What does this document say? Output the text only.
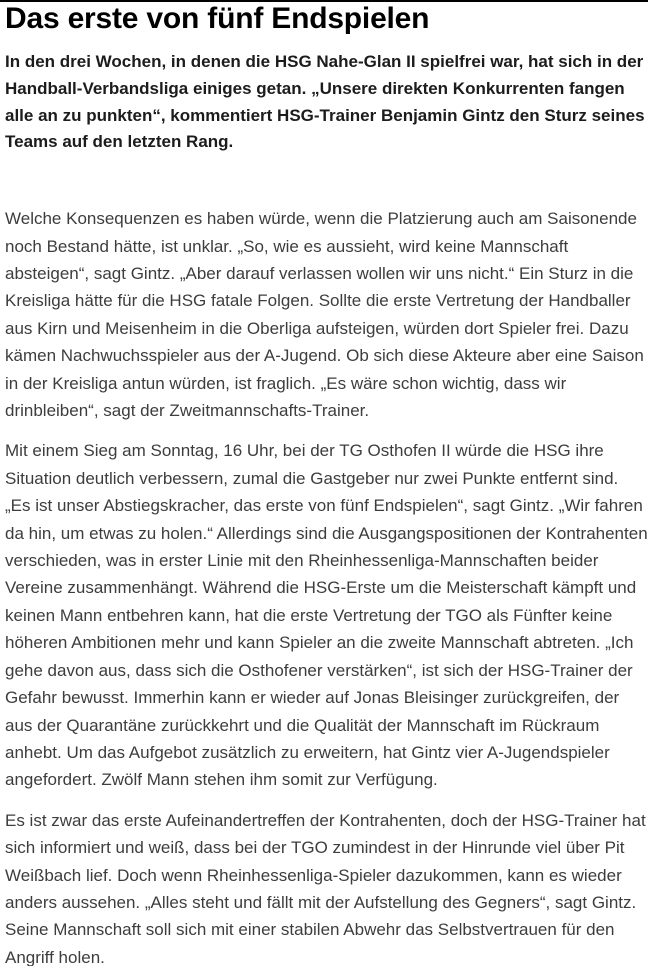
Das erste von fünf Endspielen

In den drei Wochen, in denen die HSG Nahe-Glan II spielfrei war, hat sich in der Handball-Verbandsliga einiges getan. „Unsere direkten Konkurrenten fangen alle an zu punkten“, kommentiert HSG-Trainer Benjamin Gintz den Sturz seines Teams auf den letzten Rang.

Welche Konsequenzen es haben würde, wenn die Platzierung auch am Saisonende noch Bestand hätte, ist unklar. „So, wie es aussieht, wird keine Mannschaft absteigen“, sagt Gintz. „Aber darauf verlassen wollen wir uns nicht.“ Ein Sturz in die Kreisliga hätte für die HSG fatale Folgen. Sollte die erste Vertretung der Handballer aus Kirn und Meisenheim in die Oberliga aufsteigen, würden dort Spieler frei. Dazu kämen Nachwuchsspieler aus der A-Jugend. Ob sich diese Akteure aber eine Saison in der Kreisliga antun würden, ist fraglich. „Es wäre schon wichtig, dass wir drinbleiben“, sagt der Zweitmannschafts-Trainer.

Mit einem Sieg am Sonntag, 16 Uhr, bei der TG Osthofen II würde die HSG ihre Situation deutlich verbessern, zumal die Gastgeber nur zwei Punkte entfernt sind. „Es ist unser Abstiegskracher, das erste von fünf Endspielen“, sagt Gintz. „Wir fahren da hin, um etwas zu holen.“ Allerdings sind die Ausgangspositionen der Kontrahenten verschieden, was in erster Linie mit den Rheinhessenliga-Mannschaften beider Vereine zusammenhängt. Während die HSG-Erste um die Meisterschaft kämpft und keinen Mann entbehren kann, hat die erste Vertretung der TGO als Fünfter keine höheren Ambitionen mehr und kann Spieler an die zweite Mannschaft abtreten. „Ich gehe davon aus, dass sich die Osthofener verstärken“, ist sich der HSG-Trainer der Gefahr bewusst. Immerhin kann er wieder auf Jonas Bleisinger zurückgreifen, der aus der Quarantäne zurückkehrt und die Qualität der Mannschaft im Rückraum anhebt. Um das Aufgebot zusätzlich zu erweitern, hat Gintz vier A-Jugendspieler angefordert. Zwölf Mann stehen ihm somit zur Verfügung.

Es ist zwar das erste Aufeinandertreffen der Kontrahenten, doch der HSG-Trainer hat sich informiert und weiß, dass bei der TGO zumindest in der Hinrunde viel über Pit Weißbach lief. Doch wenn Rheinhessenliga-Spieler dazukommen, kann es wieder anders aussehen. „Alles steht und fällt mit der Aufstellung des Gegners“, sagt Gintz. Seine Mannschaft soll sich mit einer stabilen Abwehr das Selbstvertrauen für den Angriff holen.
